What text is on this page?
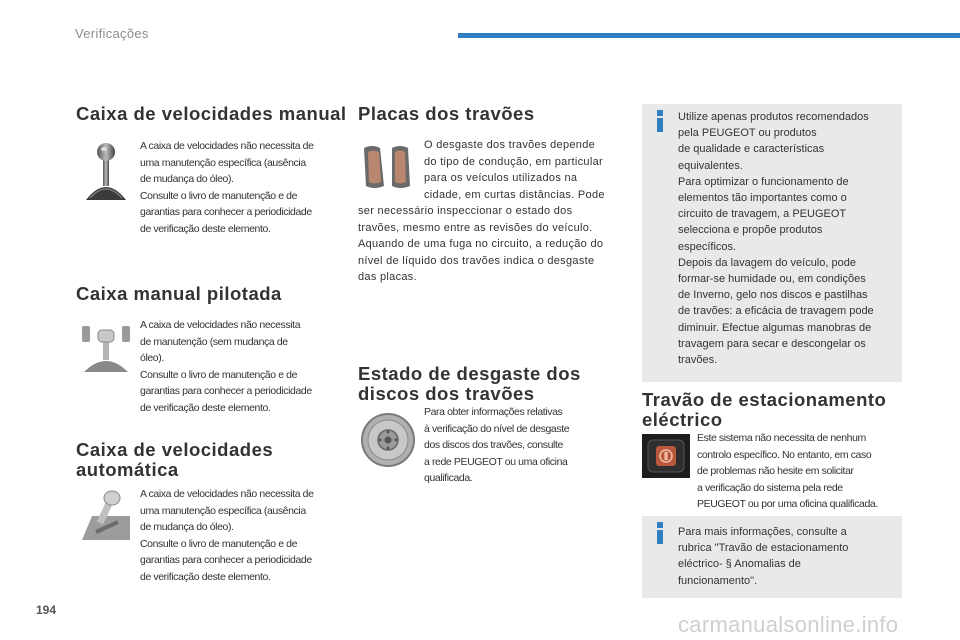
Verificações
Caixa de velocidades manual

A caixa de velocidades não necessita de
uma manutenção específica (ausência
de mudança do óleo).
Consulte o livro de manutenção e de
garantias para conhecer a periodicidade
de verificação deste elemento.

Caixa manual pilotada

A caixa de velocidades não necessita
de manutenção (sem mudança de
óleo).
Consulte o livro de manutenção e de
garantias para conhecer a periodicidade
de verificação deste elemento.

Caixa de velocidades
automática

A caixa de velocidades não necessita de
uma manutenção específica (ausência
de mudança do óleo).
Consulte o livro de manutenção e de
garantias para conhecer a periodicidade
de verificação deste elemento.

Placas dos travões

O desgaste dos travões depende
do tipo de condução, em particular
para os veículos utilizados na
cidade, em curtas distâncias. Pode

ser necessário inspeccionar o estado dos
travões, mesmo entre as revisões do veículo.
Aquando de uma fuga no circuito, a redução do
nível de líquido dos travões indica o desgaste
das placas.

Estado de desgaste dos
discos dos travões

Para obter informações relativas
à verificação do nível de desgaste
dos discos dos travões, consulte
a rede PEUGEOT ou uma oficina
qualificada.

Utilize apenas produtos recomendados
pela PEUGEOT ou produtos
de qualidade e características
equivalentes.
Para optimizar o funcionamento de
elementos tão importantes como o
circuito de travagem, a PEUGEOT
selecciona e propõe produtos
específicos.
Depois da lavagem do veículo, pode
formar-se humidade ou, em condições
de Inverno, gelo nos discos e pastilhas
de travões: a eficácia de travagem pode
diminuir. Efectue algumas manobras de
travagem para secar e descongelar os
travões.

Travão de estacionamento
eléctrico

Este sistema não necessita de nenhum
controlo específico. No entanto, em caso
de problemas não hesite em solicitar
a verificação do sistema pela rede
PEUGEOT ou por uma oficina qualificada.

Para mais informações, consulte a
rubrica "Travão de estacionamento
eléctrico- § Anomalias de
funcionamento".

194
carmanualsonline.info
